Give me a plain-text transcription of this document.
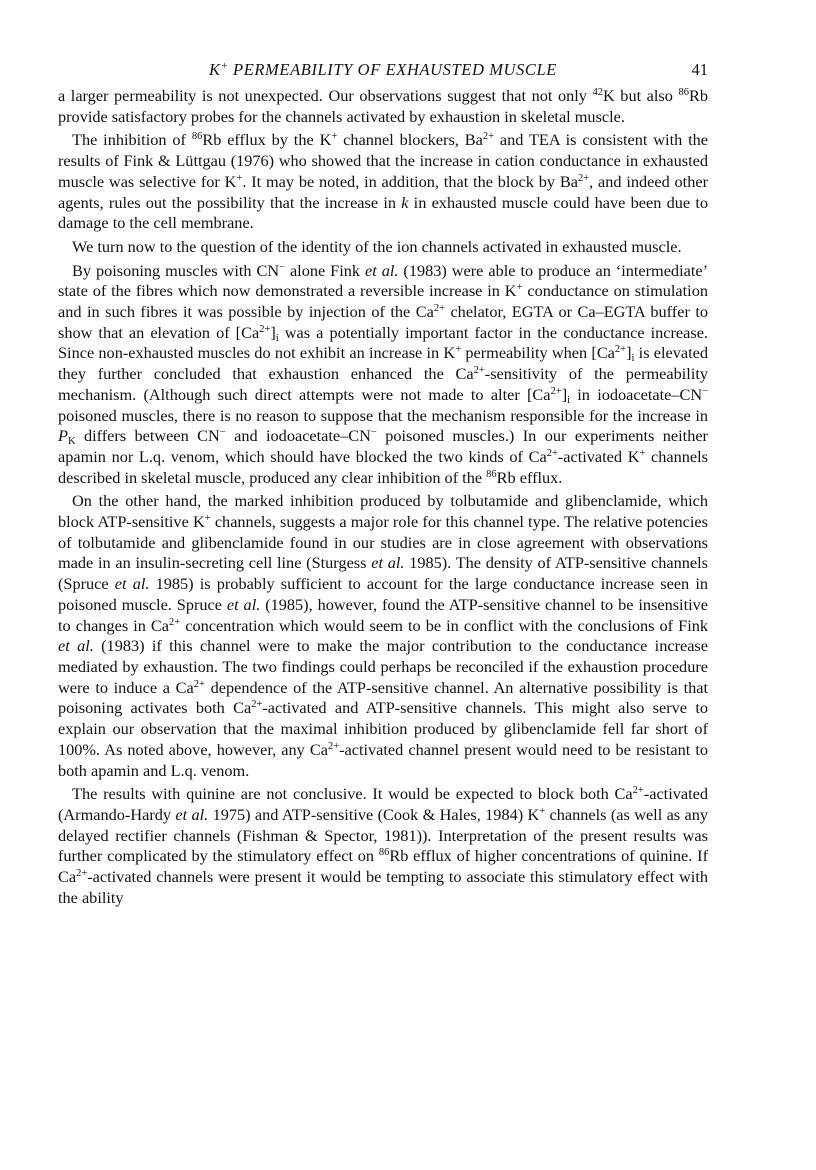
K+ PERMEABILITY OF EXHAUSTED MUSCLE	41

a larger permeability is not unexpected. Our observations suggest that not only $^{42}$K but also $^{86}$Rb provide satisfactory probes for the channels activated by exhaustion in skeletal muscle.

The inhibition of $^{86}$Rb efflux by the K+ channel blockers, $Ba^{2+}$ and TEA is consistent with the results of Fink & Lüttgau (1976) who showed that the increase in cation conductance in exhausted muscle was selective for K+. It may be noted, in addition, that the block by $Ba^{2+}$, and indeed other agents, rules out the possibility that the increase in k in exhausted muscle could have been due to damage to the cell membrane.

We turn now to the question of the identity of the ion channels activated in exhausted muscle.

By poisoning muscles with CN− alone Fink et al. (1983) were able to produce an ‘intermediate’ state of the fibres which now demonstrated a reversible increase in K+ conductance on stimulation and in such fibres it was possible by injection of the $Ca^{2+}$ chelator, EGTA or Ca–EGTA buffer to show that an elevation of $[Ca^{2+}]_i$ was a potentially important factor in the conductance increase. Since non-exhausted muscles do not exhibit an increase in K+ permeability when $[Ca^{2+}]_i$ is elevated they further concluded that exhaustion enhanced the $Ca^{2+}$-sensitivity of the permeability mechanism. (Although such direct attempts were not made to alter $[Ca^{2+}]_i$ in iodoacetate–CN− poisoned muscles, there is no reason to suppose that the mechanism responsible for the increase in $P_K$ differs between CN− and iodoacetate–CN− poisoned muscles.) In our experiments neither apamin nor L.q. venom, which should have blocked the two kinds of $Ca^{2+}$-activated K+ channels described in skeletal muscle, produced any clear inhibition of the $^{86}$Rb efflux.

On the other hand, the marked inhibition produced by tolbutamide and glibenclamide, which block ATP-sensitive K+ channels, suggests a major role for this channel type. The relative potencies of tolbutamide and glibenclamide found in our studies are in close agreement with observations made in an insulin-secreting cell line (Sturgess et al. 1985). The density of ATP-sensitive channels (Spruce et al. 1985) is probably sufficient to account for the large conductance increase seen in poisoned muscle. Spruce et al. (1985), however, found the ATP-sensitive channel to be insensitive to changes in $Ca^{2+}$ concentration which would seem to be in conflict with the conclusions of Fink et al. (1983) if this channel were to make the major contribution to the conductance increase mediated by exhaustion. The two findings could perhaps be reconciled if the exhaustion procedure were to induce a $Ca^{2+}$ dependence of the ATP-sensitive channel. An alternative possibility is that poisoning activates both $Ca^{2+}$-activated and ATP-sensitive channels. This might also serve to explain our observation that the maximal inhibition produced by glibenclamide fell far short of 100%. As noted above, however, any $Ca^{2+}$-activated channel present would need to be resistant to both apamin and L.q. venom.

The results with quinine are not conclusive. It would be expected to block both $Ca^{2+}$-activated (Armando-Hardy et al. 1975) and ATP-sensitive (Cook & Hales, 1984) K+ channels (as well as any delayed rectifier channels (Fishman & Spector, 1981)). Interpretation of the present results was further complicated by the stimulatory effect on $^{86}$Rb efflux of higher concentrations of quinine. If $Ca^{2+}$-activated channels were present it would be tempting to associate this stimulatory effect with the ability
